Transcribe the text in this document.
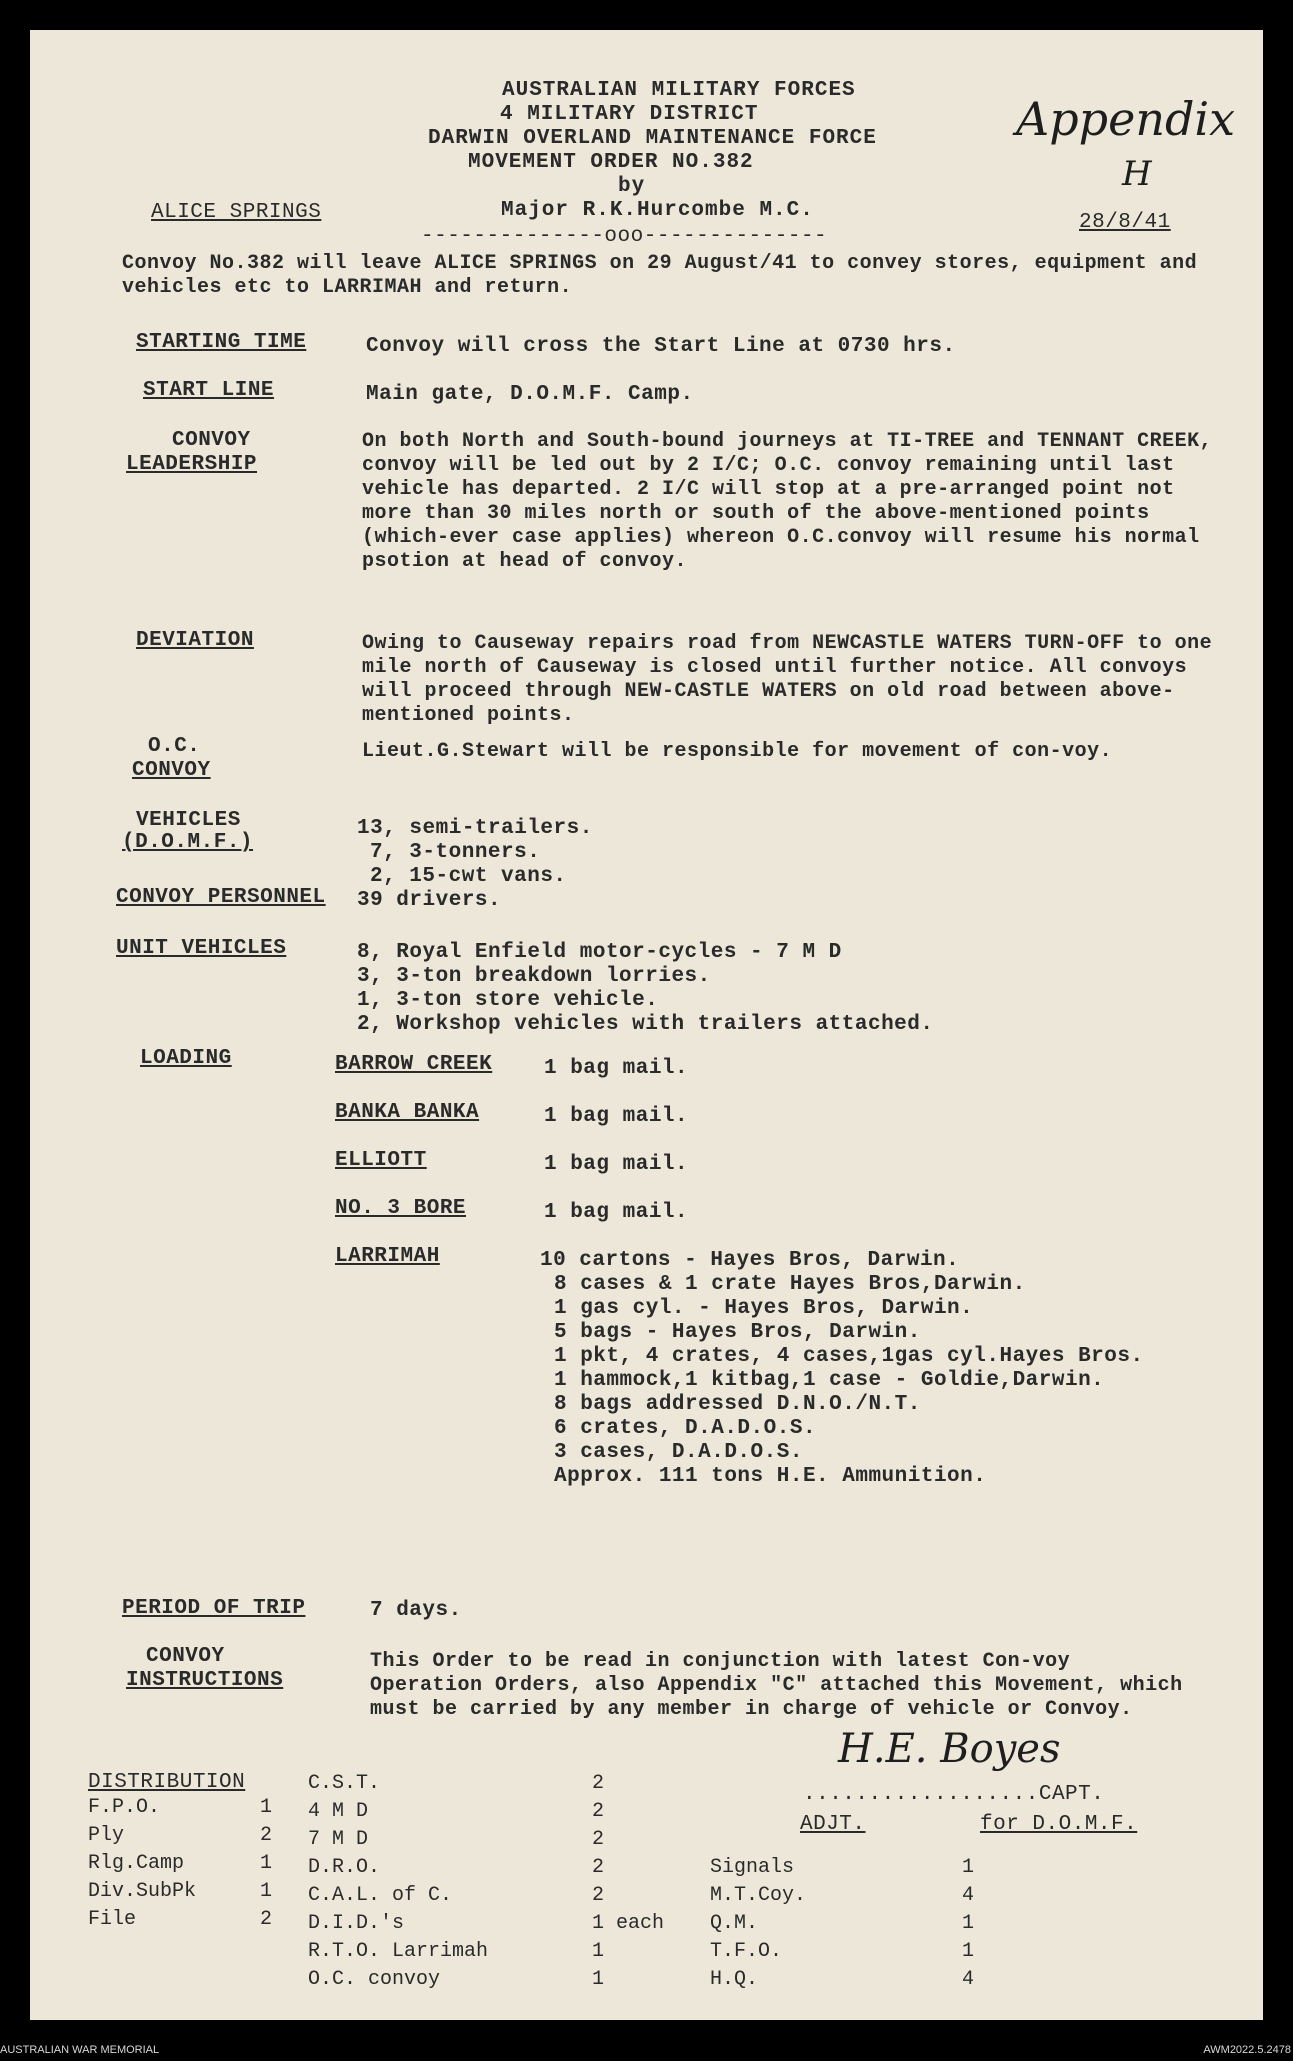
AUSTRALIAN MILITARY FORCES
4 MILITARY DISTRICT
DARWIN OVERLAND MAINTENANCE FORCE
MOVEMENT ORDER NO.382
by
Major R.K.Hurcombe M.C.
--------------ooo--------------
ALICE SPRINGS	28/8/41
Appendix
H
Convoy No.382 will leave ALICE SPRINGS on 29 August/41 to convey stores, equipment and vehicles etc to LARRIMAH and return.
STARTING TIME	Convoy will cross the Start Line at 0730 hrs.
START LINE	Main gate, D.O.M.F. Camp.
CONVOY
LEADERSHIP
On both North and South-bound journeys at TI-TREE and TENNANT CREEK, convoy will be led out by 2 I/C; O.C. convoy remaining until last vehicle has departed. 2 I/C will stop at a pre-arranged point not more than 30 miles north or south of the above-mentioned points (which-ever case applies) whereon O.C.convoy will resume his normal psotion at head of convoy.
DEVIATION	Owing to Causeway repairs road from NEWCASTLE WATERS TURN-OFF to one mile north of Causeway is closed until further notice. All convoys will proceed through NEW-CASTLE WATERS on old road between above-mentioned points.
O.C.
CONVOY
Lieut.G.Stewart will be responsible for movement of con-voy.
VEHICLES
(D.O.M.F.)
13, semi-trailers.
7, 3-tonners.
2, 15-cwt vans.
CONVOY PERSONNEL 39 drivers.
UNIT VEHICLES	8, Royal Enfield motor-cycles - 7 M D
3, 3-ton breakdown lorries.
1, 3-ton store vehicle.
2, Workshop vehicles with trailers attached.
LOADING	BARROW CREEK 1 bag mail.
BANKA BANKA	1 bag mail.
ELLIOTT	1 bag mail.
NO. 3 BORE	1 bag mail.
LARRIMAH	10 cartons - Hayes Bros, Darwin.
8 cases & 1 crate Hayes Bros,Darwin.
1 gas cyl. - Hayes Bros, Darwin.
5 bags - Hayes Bros, Darwin.
1 pkt, 4 crates, 4 cases,1gas cyl.Hayes Bros.
1 hammock,1 kitbag,1 case - Goldie,Darwin.
8 bags addressed D.N.O./N.T.
6 crates, D.A.D.O.S.
3 cases, D.A.D.O.S.
Approx. 111 tons H.E. Ammunition.
PERIOD OF TRIP	7 days.
CONVOY
INSTRUCTIONS
This Order to be read in conjunction with latest Con-voy Operation Orders, also Appendix "C" attached this Movement, which must be carried by any member in charge of vehicle or Convoy.
H.E. Boyes
..................CAPT.
ADJT.	for D.O.M.F.
DISTRIBUTION
F.P.O.	1
Ply	2
Rlg.Camp	1
Div.SubPk	1
File	2
C.S.T.	2
4 M D	2
7 M D	2
D.R.O.	2
C.A.L. of C.	2
D.I.D.'s	1 each
R.T.O. Larrimah	1
O.C. convoy	1
Signals	1
M.T.Coy.	4
Q.M.	1
T.F.O.	1
H.Q.	4
AUSTRALIAN WAR MEMORIAL	AWM2022.5.2478
